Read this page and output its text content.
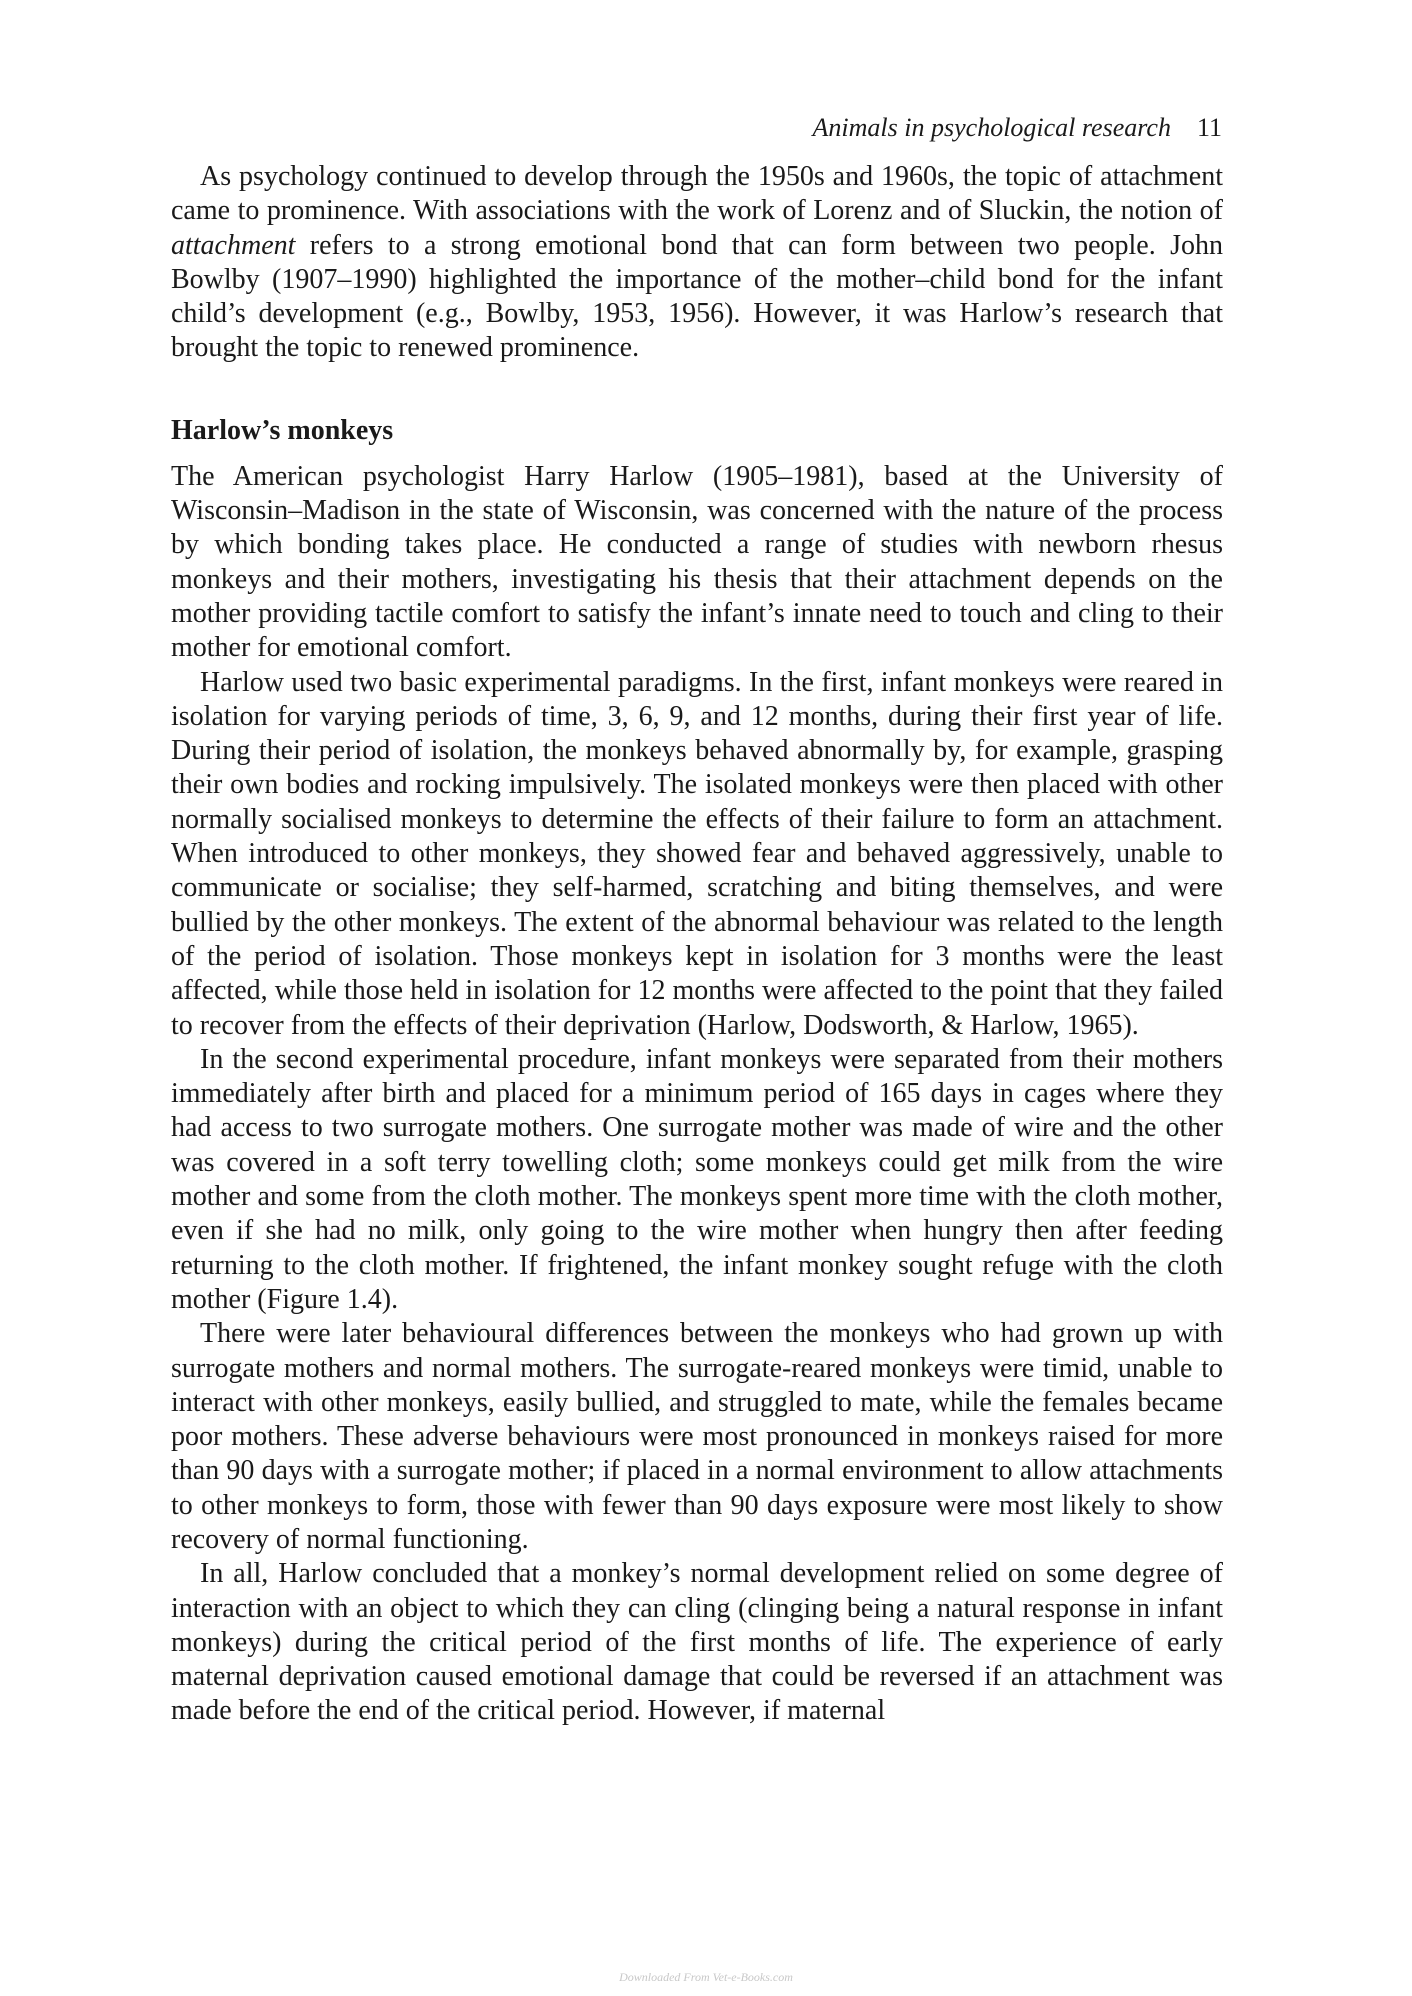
Animals in psychological research 11

As psychology continued to develop through the 1950s and 1960s, the topic of attachment came to prominence. With associations with the work of Lorenz and of Sluckin, the notion of attachment refers to a strong emotional bond that can form between two people. John Bowlby (1907–1990) highlighted the importance of the mother–child bond for the infant child’s development (e.g., Bowlby, 1953, 1956). However, it was Harlow’s research that brought the topic to renewed prominence.

Harlow’s monkeys

The American psychologist Harry Harlow (1905–1981), based at the University of Wisconsin–Madison in the state of Wisconsin, was concerned with the nature of the process by which bonding takes place. He conducted a range of studies with newborn rhesus monkeys and their mothers, investigating his thesis that their attachment depends on the mother providing tactile comfort to satisfy the infant’s innate need to touch and cling to their mother for emotional comfort.

Harlow used two basic experimental paradigms. In the first, infant monkeys were reared in isolation for varying periods of time, 3, 6, 9, and 12 months, during their first year of life. During their period of isolation, the monkeys behaved abnormally by, for example, grasping their own bodies and rocking impulsively. The isolated monkeys were then placed with other normally socialised monkeys to determine the effects of their failure to form an attachment. When introduced to other monkeys, they showed fear and behaved aggressively, unable to communicate or socialise; they self-harmed, scratching and biting themselves, and were bullied by the other monkeys. The extent of the abnormal behaviour was related to the length of the period of isolation. Those monkeys kept in isolation for 3 months were the least affected, while those held in isolation for 12 months were affected to the point that they failed to recover from the effects of their deprivation (Harlow, Dodsworth, & Harlow, 1965).

In the second experimental procedure, infant monkeys were separated from their mothers immediately after birth and placed for a minimum period of 165 days in cages where they had access to two surrogate mothers. One surrogate mother was made of wire and the other was covered in a soft terry towelling cloth; some monkeys could get milk from the wire mother and some from the cloth mother. The monkeys spent more time with the cloth mother, even if she had no milk, only going to the wire mother when hungry then after feeding returning to the cloth mother. If frightened, the infant monkey sought refuge with the cloth mother (Figure 1.4).

There were later behavioural differences between the monkeys who had grown up with surrogate mothers and normal mothers. The surrogate-reared monkeys were timid, unable to interact with other monkeys, easily bullied, and struggled to mate, while the females became poor mothers. These adverse behaviours were most pronounced in monkeys raised for more than 90 days with a surrogate mother; if placed in a normal environment to allow attachments to other monkeys to form, those with fewer than 90 days exposure were most likely to show recovery of normal functioning.

In all, Harlow concluded that a monkey’s normal development relied on some degree of interaction with an object to which they can cling (clinging being a natural response in infant monkeys) during the critical period of the first months of life. The experience of early maternal deprivation caused emotional damage that could be reversed if an attachment was made before the end of the critical period. However, if maternal

Downloaded From Vet-e-Books.com
